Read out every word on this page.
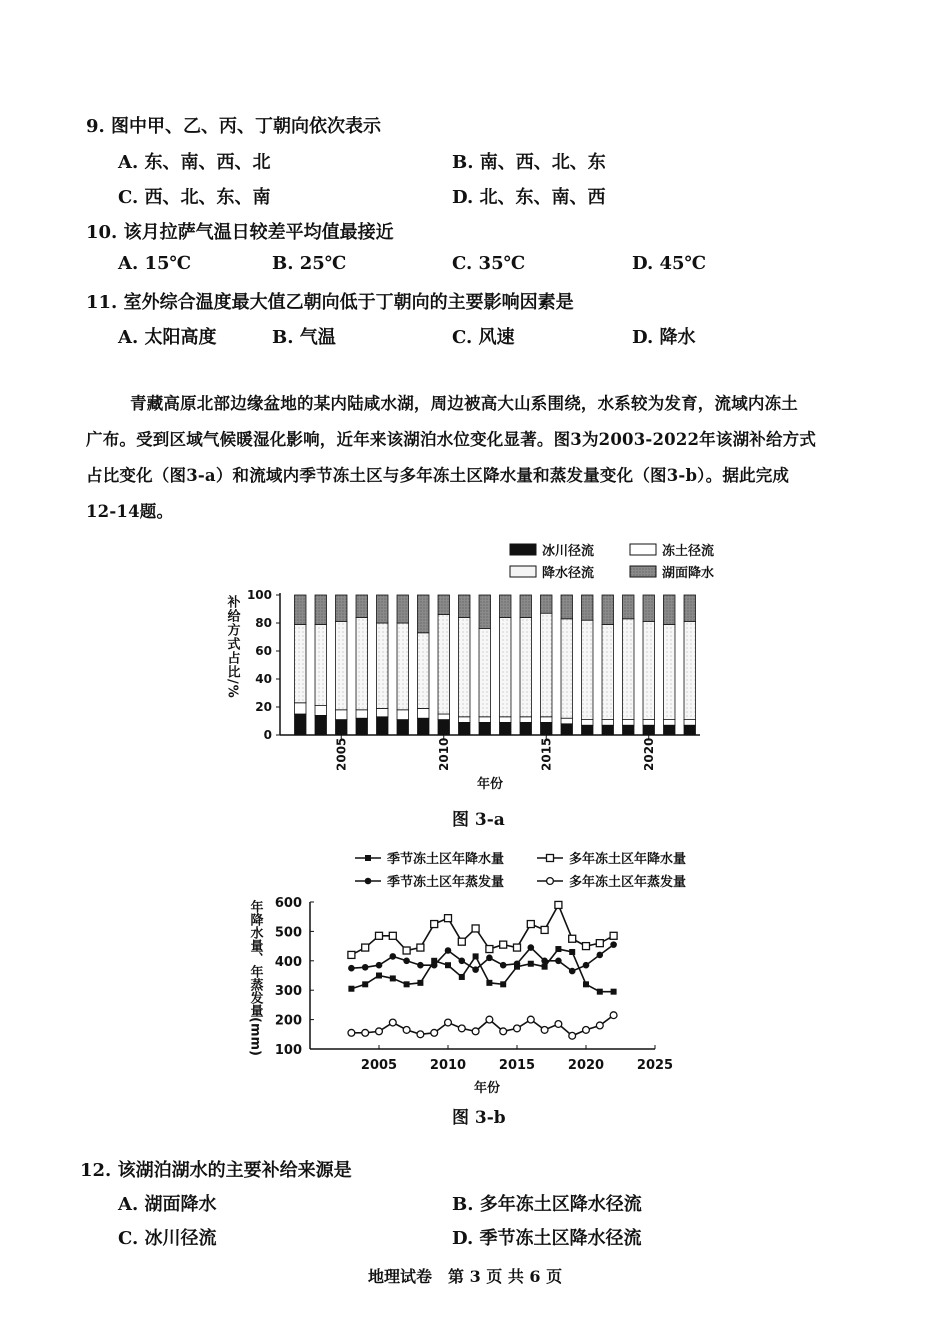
9. 图中甲、乙、丙、丁朝向依次表示
A. 东、南、西、北	B. 南、西、北、东
C. 西、北、东、南	D. 北、东、南、西
10. 该月拉萨气温日较差平均值最接近
A. 15℃	B. 25℃	C. 35℃	D. 45℃
11. 室外综合温度最大值乙朝向低于丁朝向的主要影响因素是
A. 太阳高度	B. 气温	C. 风速	D. 降水
青藏高原北部边缘盆地的某内陆咸水湖，周边被高大山系围绕，水系较为发育，流域内冻土
广布。受到区域气候暖湿化影响，近年来该湖泊水位变化显著。图3为2003-2022年该湖补给方式
占比变化（图3-a）和流域内季节冻土区与多年冻土区降水量和蒸发量变化（图3-b）。据此完成
12-14题。
冰川径流	冻土径流
降水径流	湖面降水
0
20
40
60
80
100
补给方式占比/%
2005	2010	2015	2020
年份
图 3-a
季节冻土区年降水量	多年冻土区年降水量
季节冻土区年蒸发量	多年冻土区年蒸发量
100
200
300
400
500
600
2005	2010	2015	2020	2025
年份
年降水量、年蒸发量(mm)
图 3-b
12. 该湖泊湖水的主要补给来源是
A. 湖面降水	B. 多年冻土区降水径流
C. 冰川径流	D. 季节冻土区降水径流
地理试卷　第 3 页 共 6 页
